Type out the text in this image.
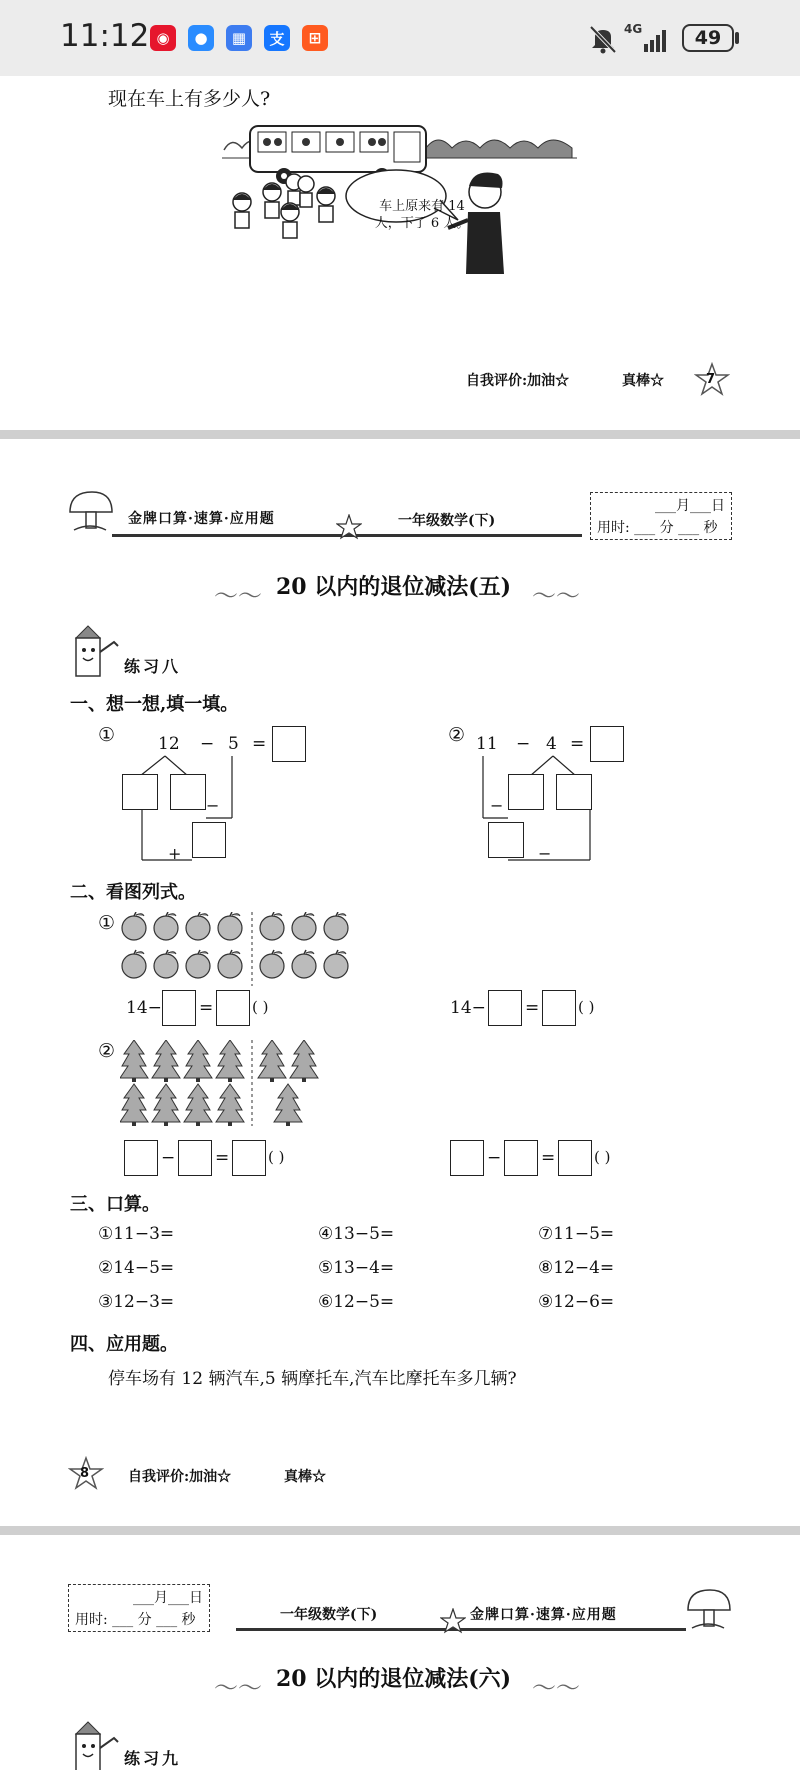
11:12 ◉	●	▦	支	⊞	4G	49
现在车上有多少人?
车上原来有 14 人，下了 6 人。
自我评价:加油☆	真棒☆	7
金牌口算·速算·应用题	一年级数学(下)
___月___日
用时: ___ 分 ___ 秒
〜〜 20 以内的退位减法(五) 〜〜
练习八
一、想一想,填一填。
①	12 − 5 =
−
+
② 11 − 4 =
−
−
二、看图列式。
①
14− =	( )	14− =	( )
②
− =	( )	− =	( )
三、口算。
①11−3=	④13−5=	⑦11−5=
②14−5=	⑤13−4=	⑧12−4=
③12−3=	⑥12−5=	⑨12−6=
四、应用题。
停车场有 12 辆汽车,5 辆摩托车,汽车比摩托车多几辆?
8	自我评价:加油☆	真棒☆
___月___日
用时: ___ 分 ___ 秒	一年级数学(下)	金牌口算·速算·应用题
〜〜 20 以内的退位减法(六) 〜〜
练习九
